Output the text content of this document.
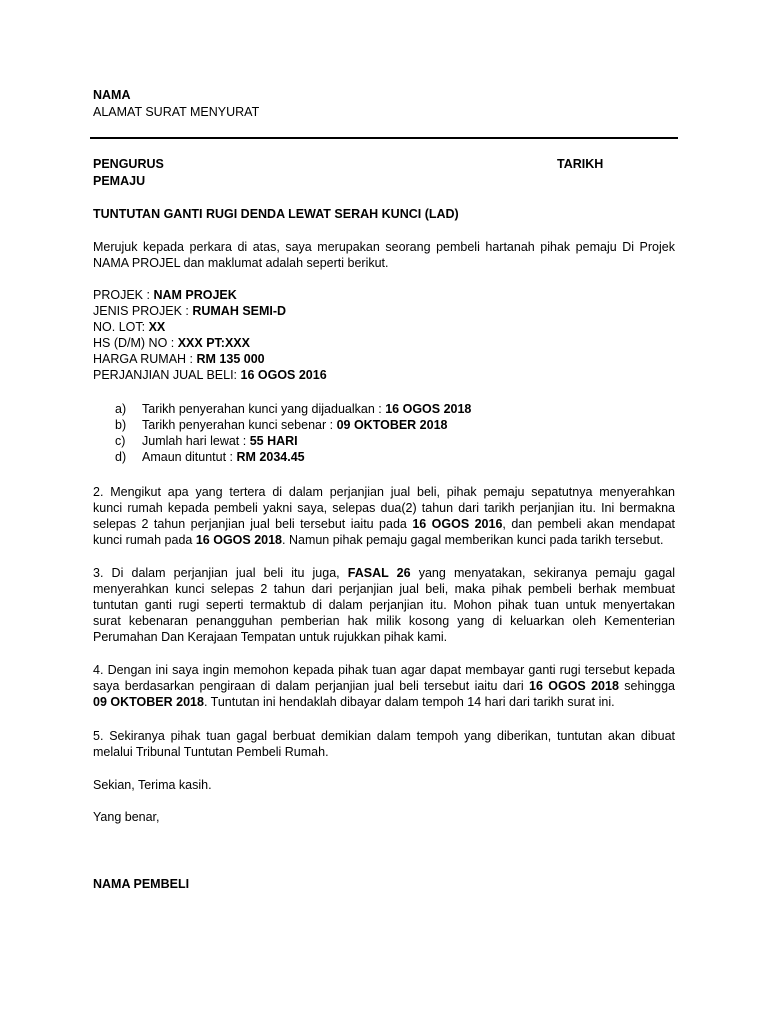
NAMA
ALAMAT SURAT MENYURAT
PENGURUS	TARIKH
PEMAJU
TUNTUTAN GANTI RUGI DENDA LEWAT SERAH KUNCI (LAD)
Merujuk kepada perkara di atas, saya merupakan seorang pembeli hartanah pihak pemaju Di Projek
NAMA PROJEL dan maklumat adalah seperti berikut.
PROJEK : NAM PROJEK
JENIS PROJEK : RUMAH SEMI-D
NO. LOT: XX
HS (D/M) NO : XXX PT:XXX
HARGA RUMAH : RM 135 000
PERJANJIAN JUAL BELI: 16 OGOS 2016
a)	Tarikh penyerahan kunci yang dijadualkan : 16 OGOS 2018
b)	Tarikh penyerahan kunci sebenar : 09 OKTOBER 2018
c)	Jumlah hari lewat : 55 HARI
d)	Amaun dituntut : RM 2034.45
2. Mengikut apa yang tertera di dalam perjanjian jual beli, pihak pemaju sepatutnya menyerahkan
kunci rumah kepada pembeli yakni saya, selepas dua(2) tahun dari tarikh perjanjian itu. Ini bermakna
selepas 2 tahun perjanjian jual beli tersebut iaitu pada 16 OGOS 2016, dan pembeli akan mendapat
kunci rumah pada 16 OGOS 2018. Namun pihak pemaju gagal memberikan kunci pada tarikh tersebut.
3. Di dalam perjanjian jual beli itu juga, FASAL 26 yang menyatakan, sekiranya pemaju gagal
menyerahkan kunci selepas 2 tahun dari perjanjian jual beli, maka pihak pembeli berhak membuat
tuntutan ganti rugi seperti termaktub di dalam perjanjian itu. Mohon pihak tuan untuk menyertakan
surat kebenaran penangguhan pemberian hak milik kosong yang di keluarkan oleh Kementerian
Perumahan Dan Kerajaan Tempatan untuk rujukkan pihak kami.
4. Dengan ini saya ingin memohon kepada pihak tuan agar dapat membayar ganti rugi tersebut kepada
saya berdasarkan pengiraan di dalam perjanjian jual beli tersebut iaitu dari 16 OGOS 2018 sehingga
09 OKTOBER 2018. Tuntutan ini hendaklah dibayar dalam tempoh 14 hari dari tarikh surat ini.
5. Sekiranya pihak tuan gagal berbuat demikian dalam tempoh yang diberikan, tuntutan akan dibuat
melalui Tribunal Tuntutan Pembeli Rumah.
Sekian, Terima kasih.
Yang benar,
NAMA PEMBELI
